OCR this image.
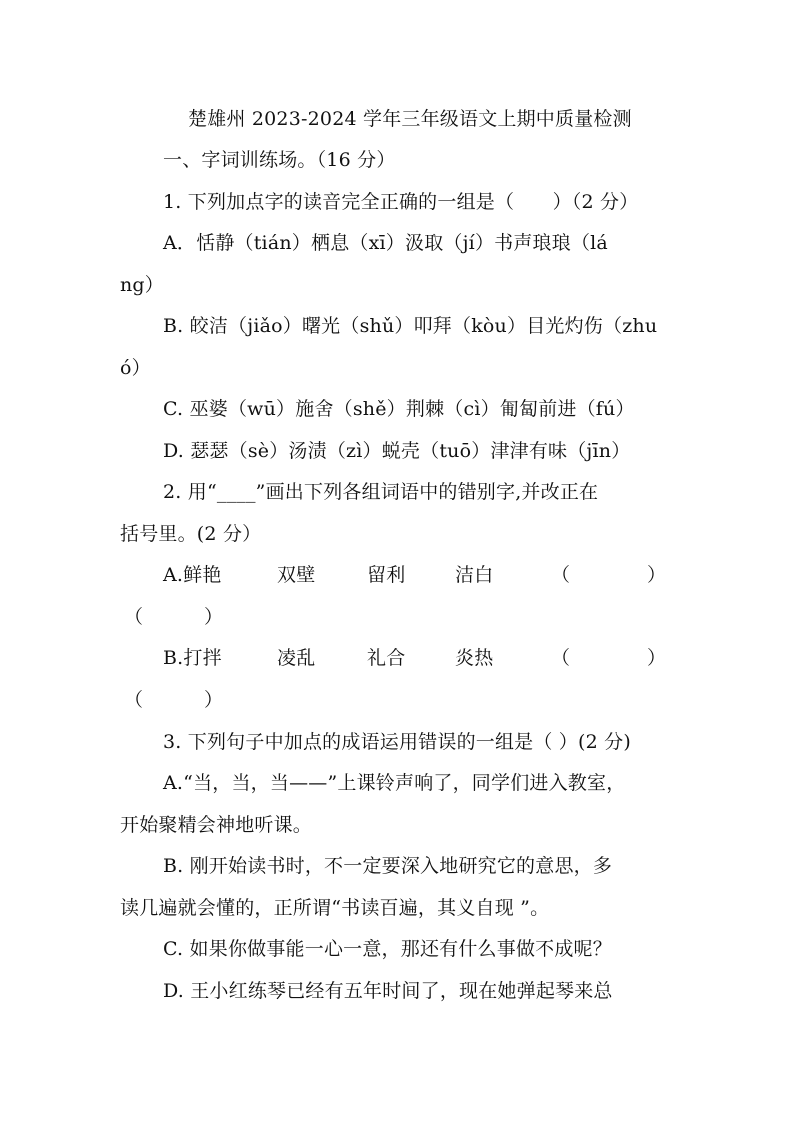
楚雄州 2023-2024 学年三年级语文上期中质量检测
一、字词训练场。（16 分）
1. 下列加点字的读音完全正确的一组是（　　）（2 分）
A．恬静（tián）栖息（xī）汲取（jí）书声琅琅（lá
ng）
B. 皎洁（jiǎo）曙光（shǔ）叩拜（kòu）目光灼伤（zhu
ó）
C. 巫婆（wū）施舍（shě）荆棘（cì）匍匐前进（fú）
D. 瑟瑟（sè）汤渍（zì）蜕壳（tuō）津津有味（jīn）
2. 用“____”画出下列各组词语中的错别字,并改正在
括号里。(2 分）
A.鲜艳	双壁	留利	洁白	（	）
（	）
B.打拌	凌乱	礼合	炎热	（	）
（	）
3. 下列句子中加点的成语运用错误的一组是（ ）(2 分)
A.“当，当，当——”上课铃声响了，同学们进入教室，
开始聚精会神地听课。
B. 刚开始读书时，不一定要深入地研究它的意思，多
读几遍就会懂的，正所谓“书读百遍，其义自现 ”。
C. 如果你做事能一心一意，那还有什么事做不成呢？
D. 王小红练琴已经有五年时间了，现在她弹起琴来总
